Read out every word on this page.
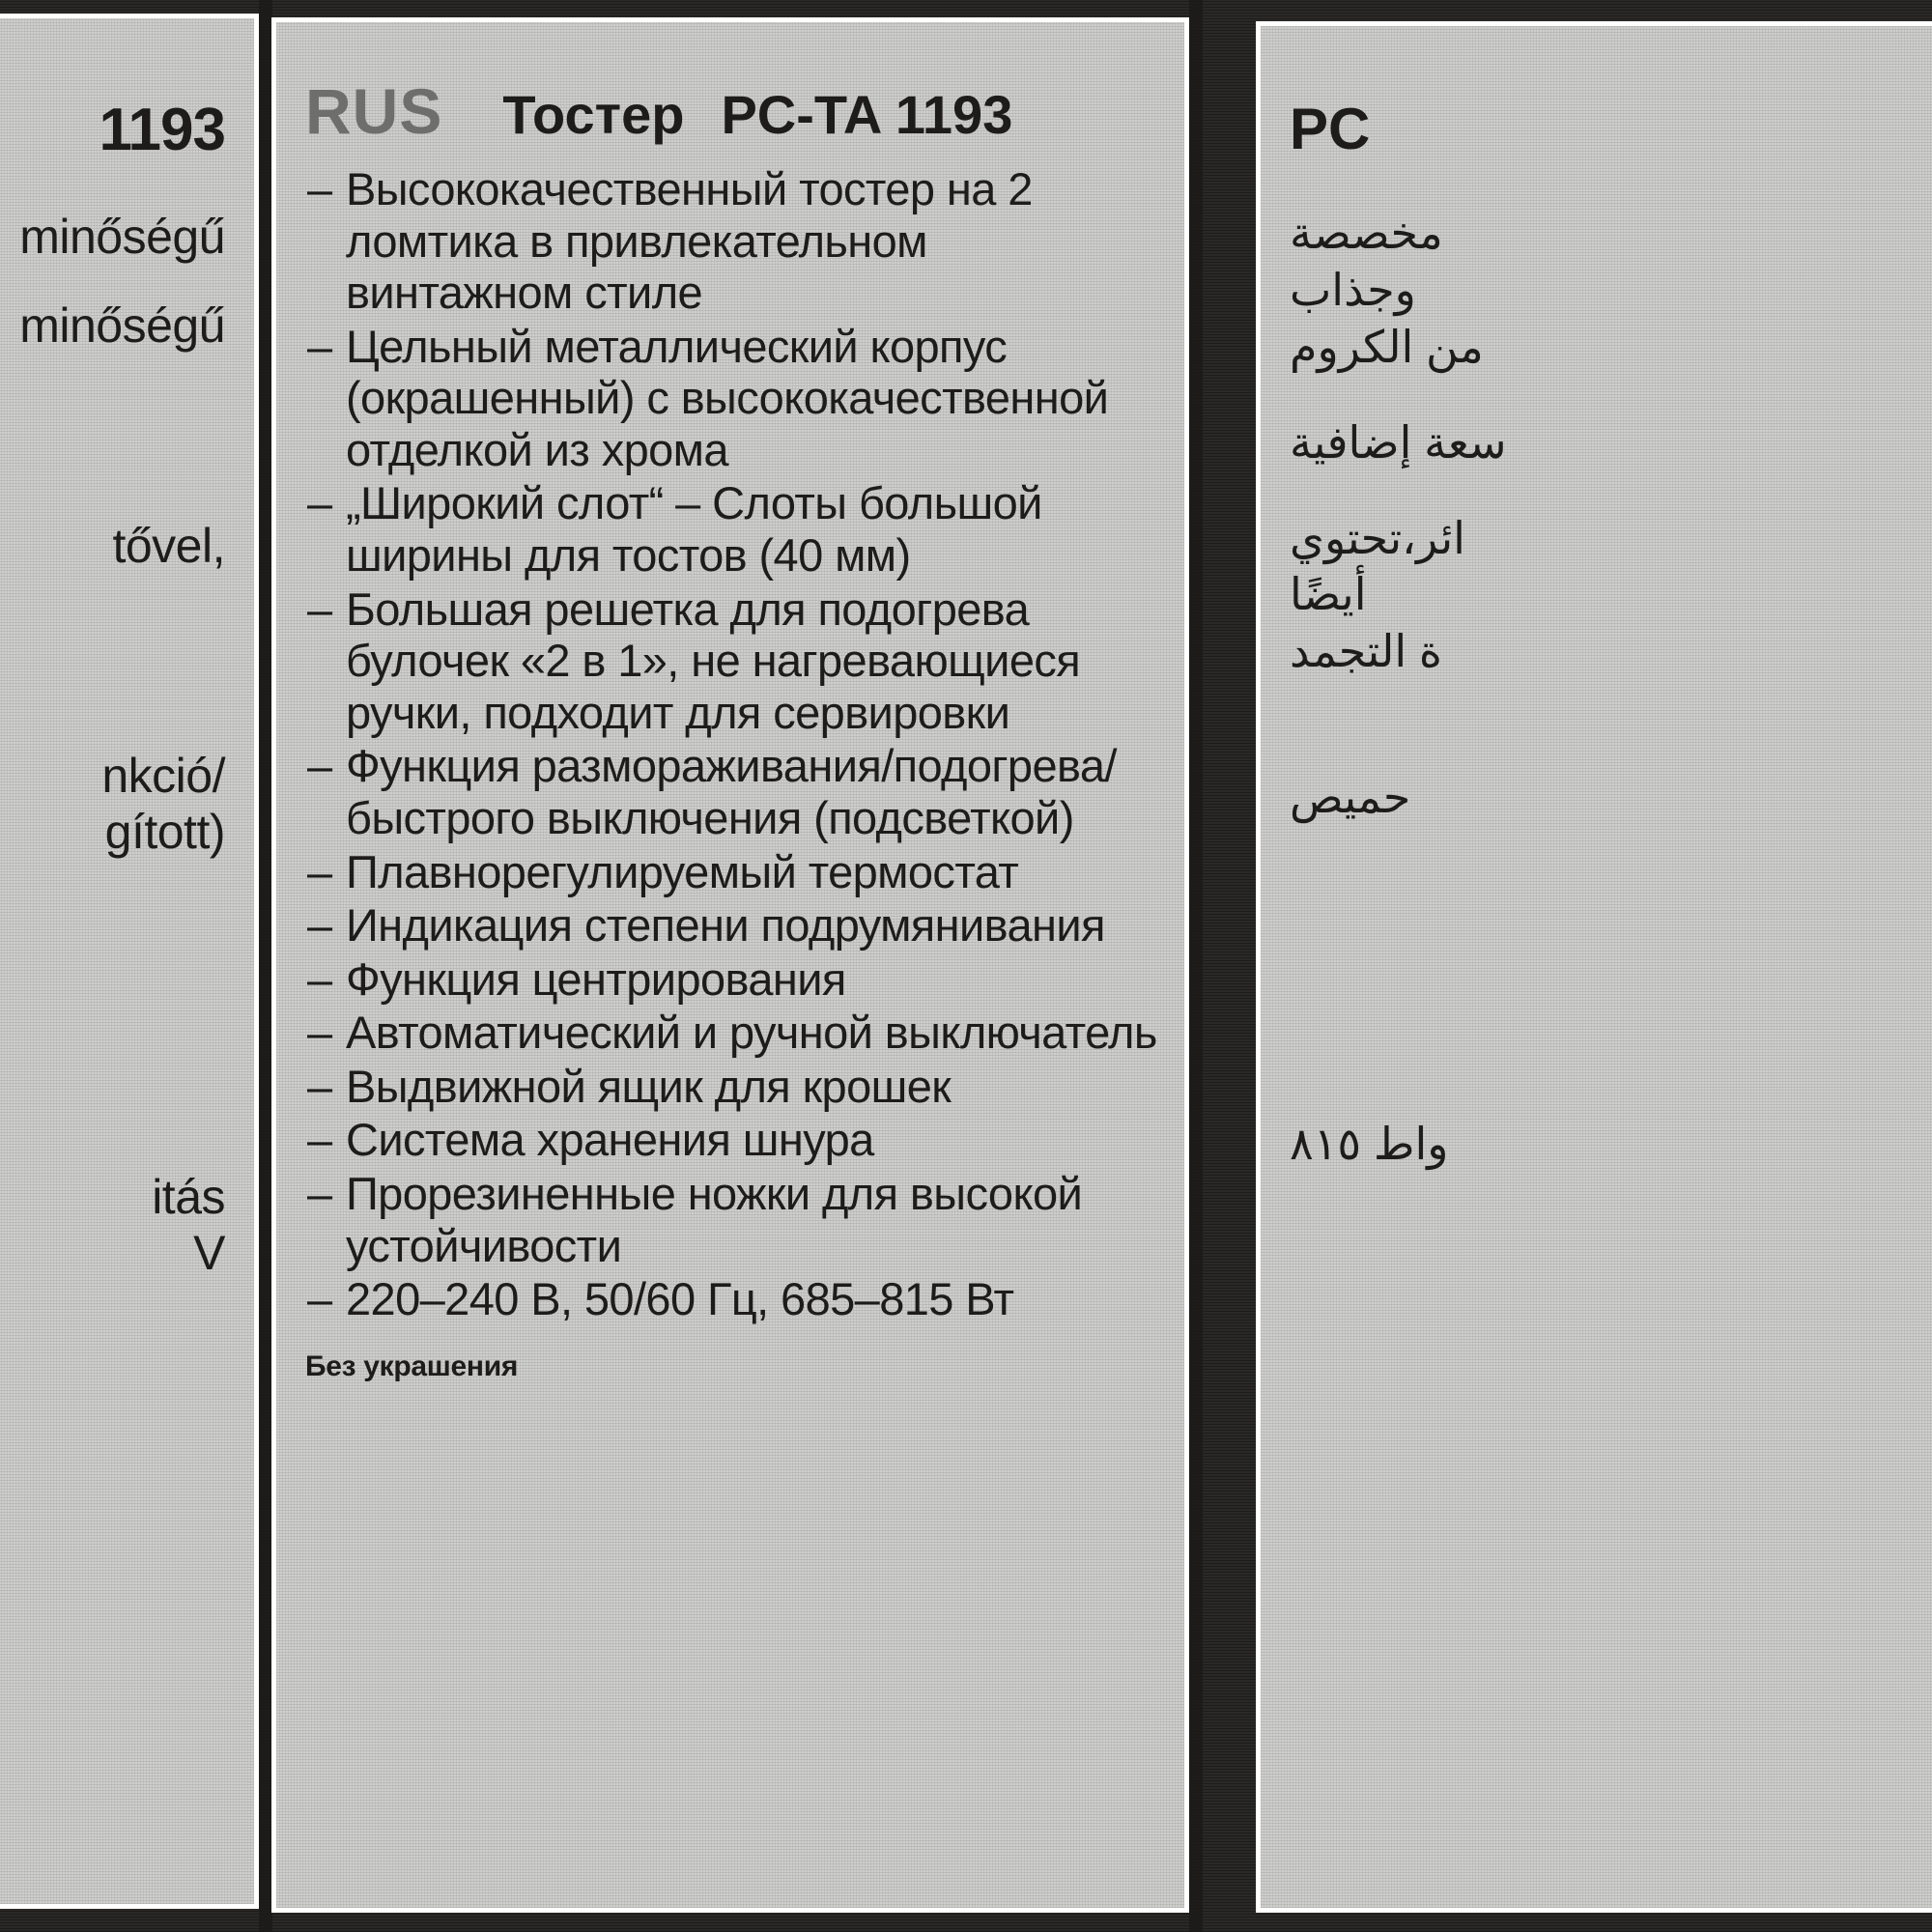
1193
minőségű
minőségű
tővel,
nkció/
gított)
itás
V
RUS Тостер PC-TA 1193
– Высококачественный тостер на 2 ломтика в привлекательном винтажном стиле
– Цельный металлический корпус (окрашенный) с высококачественной отделкой из хрома
– „Широкий слот“ – Слоты большой ширины для тостов (40 мм)
– Большая решетка для подогрева булочек «2 в 1», не нагревающиеся ручки, подходит для сервировки
– Функция размораживания/подогрева/быстрого выключения (подсветкой)
– Плавнорегулируемый термостат
– Индикация степени подрумянивания
– Функция центрирования
– Автоматический и ручной выключатель
– Выдвижной ящик для крошек
– Система хранения шнура
– Прорезиненные ножки для высокой устойчивости
– 220–240 В, 50/60 Гц, 685–815 Вт
Без украшения
PC
مخصصة
وجذاب
من الكروم
سعة إضافية
ائر،تحتوي
أيضًا
ة التجمد
حميص
واط ٨١٥
